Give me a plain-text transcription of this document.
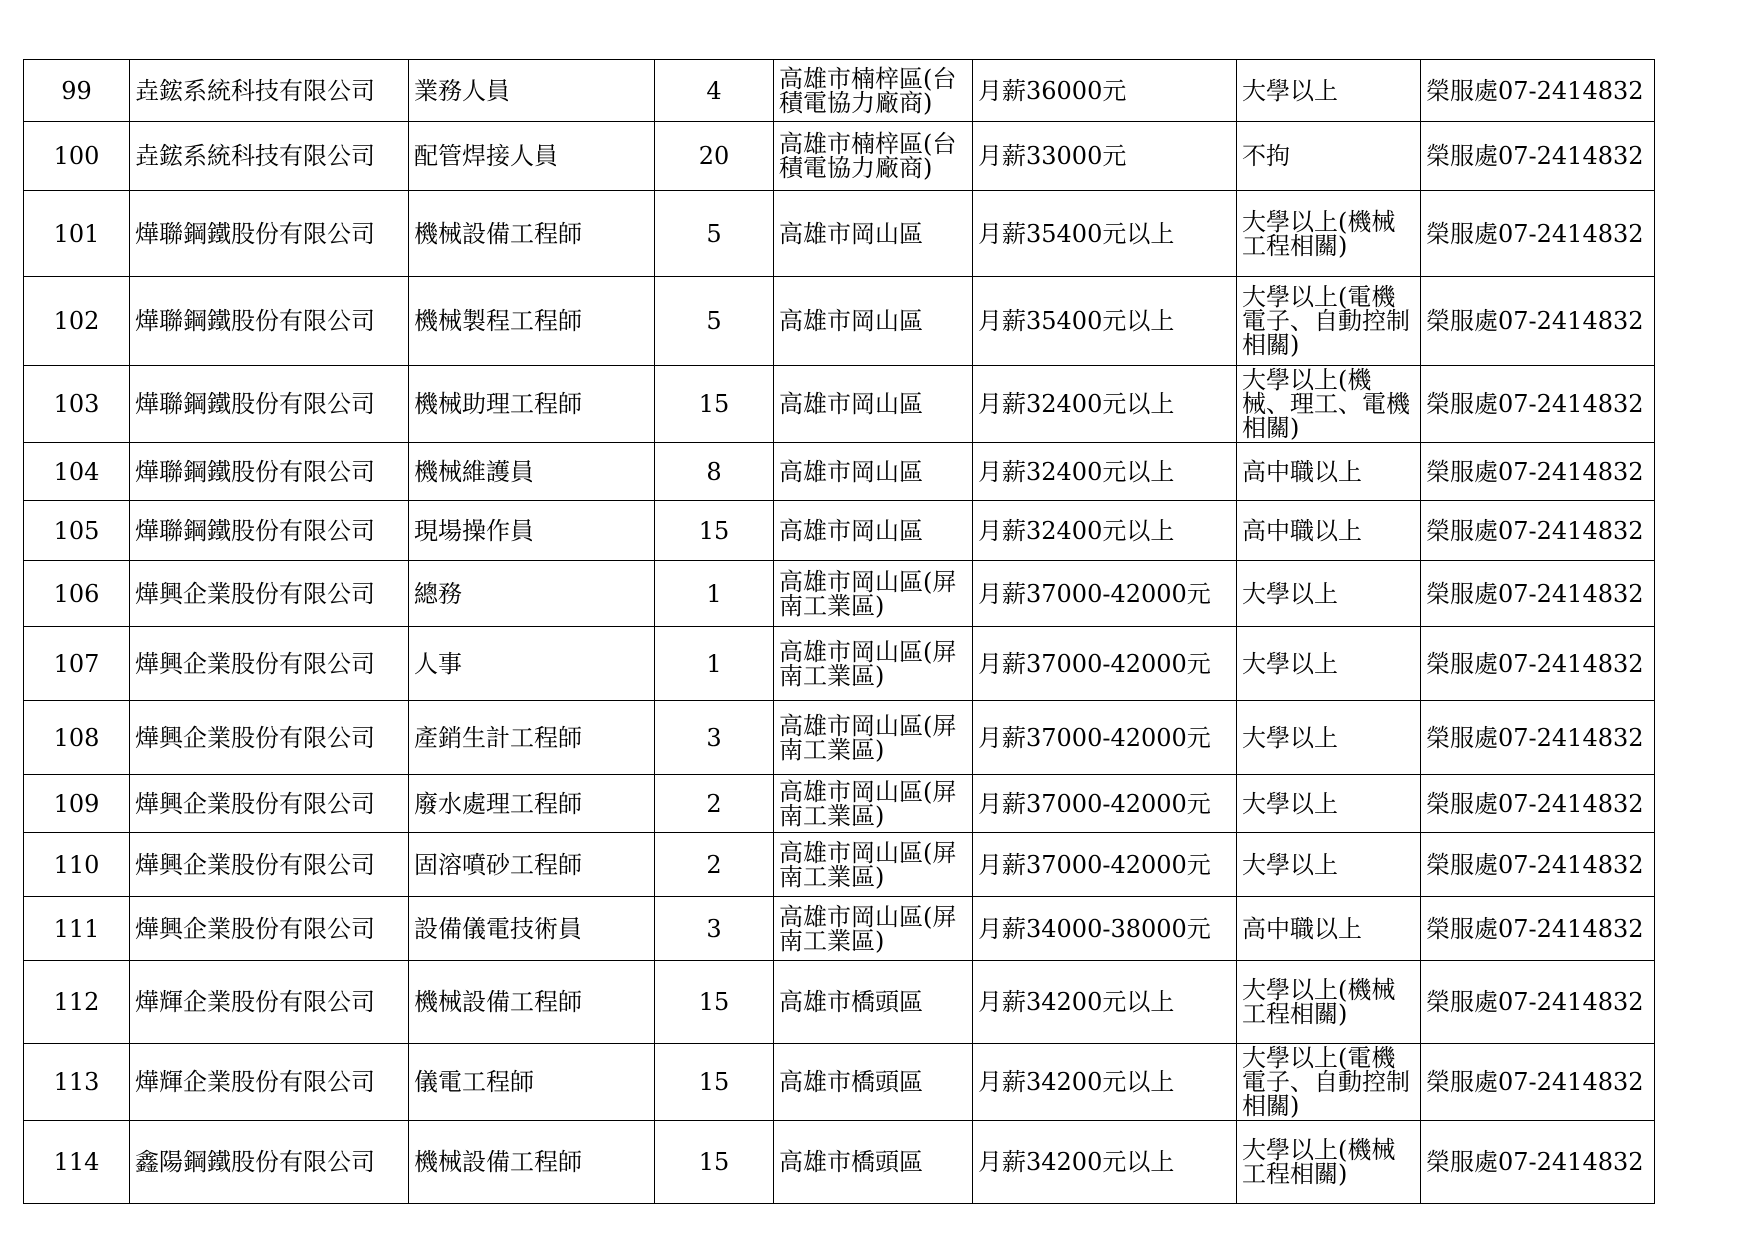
99	垚鋐系統科技有限公司	業務人員	4	高雄市楠梓區(台積電協力廠商)	月薪36000元	大學以上	榮服處07-2414832
100	垚鋐系統科技有限公司	配管焊接人員	20	高雄市楠梓區(台積電協力廠商)	月薪33000元	不拘	榮服處07-2414832
101	燁聯鋼鐵股份有限公司	機械設備工程師	5	高雄市岡山區	月薪35400元以上	大學以上(機械工程相關)	榮服處07-2414832
102	燁聯鋼鐵股份有限公司	機械製程工程師	5	高雄市岡山區	月薪35400元以上	大學以上(電機電子、自動控制相關)	榮服處07-2414832
103	燁聯鋼鐵股份有限公司	機械助理工程師	15	高雄市岡山區	月薪32400元以上	大學以上(機械、理工、電機相關)	榮服處07-2414832
104	燁聯鋼鐵股份有限公司	機械維護員	8	高雄市岡山區	月薪32400元以上	高中職以上	榮服處07-2414832
105	燁聯鋼鐵股份有限公司	現場操作員	15	高雄市岡山區	月薪32400元以上	高中職以上	榮服處07-2414832
106	燁興企業股份有限公司	總務	1	高雄市岡山區(屏南工業區)	月薪37000-42000元	大學以上	榮服處07-2414832
107	燁興企業股份有限公司	人事	1	高雄市岡山區(屏南工業區)	月薪37000-42000元	大學以上	榮服處07-2414832
108	燁興企業股份有限公司	產銷生計工程師	3	高雄市岡山區(屏南工業區)	月薪37000-42000元	大學以上	榮服處07-2414832
109	燁興企業股份有限公司	廢水處理工程師	2	高雄市岡山區(屏南工業區)	月薪37000-42000元	大學以上	榮服處07-2414832
110	燁興企業股份有限公司	固溶噴砂工程師	2	高雄市岡山區(屏南工業區)	月薪37000-42000元	大學以上	榮服處07-2414832
111	燁興企業股份有限公司	設備儀電技術員	3	高雄市岡山區(屏南工業區)	月薪34000-38000元	高中職以上	榮服處07-2414832
112	燁輝企業股份有限公司	機械設備工程師	15	高雄市橋頭區	月薪34200元以上	大學以上(機械工程相關)	榮服處07-2414832
113	燁輝企業股份有限公司	儀電工程師	15	高雄市橋頭區	月薪34200元以上	大學以上(電機電子、自動控制相關)	榮服處07-2414832
114	鑫陽鋼鐵股份有限公司	機械設備工程師	15	高雄市橋頭區	月薪34200元以上	大學以上(機械工程相關)	榮服處07-2414832
